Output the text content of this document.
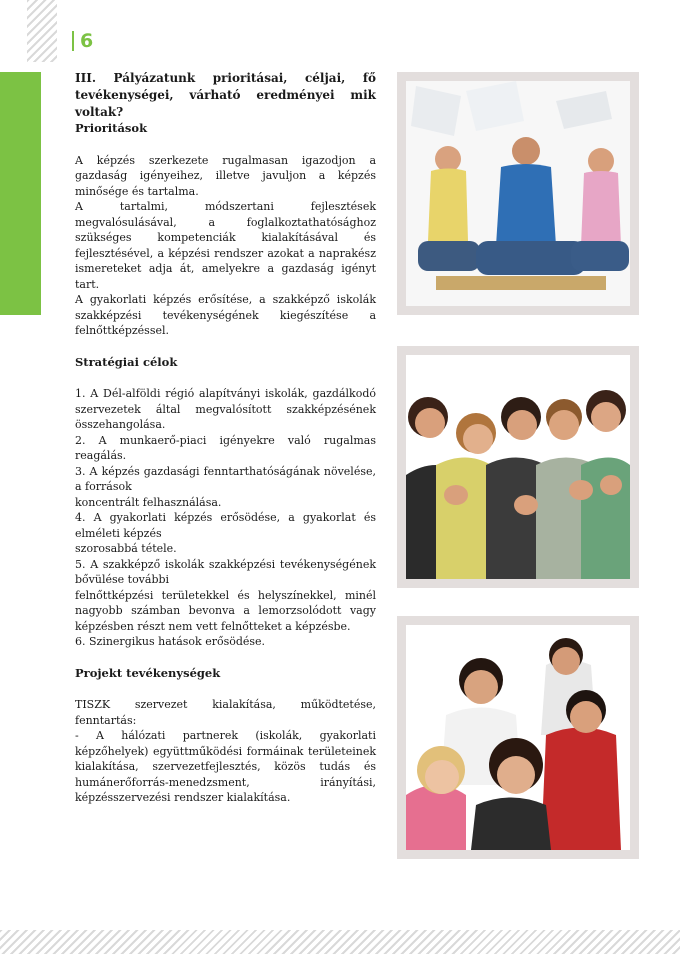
6

III. Pályázatunk prioritásai, céljai, fő tevékenységei, várható eredményei mik voltak?

Prioritások

A képzés szerkezete rugalmasan igazodjon a gazdaság igényeihez, illetve javuljon a képzés minősége és tartalma.

A tartalmi, módszertani fejlesztések megvalósulásával, a foglalkoztathatósághoz szükséges kompetenciák kialakításával és fejlesztésével, a képzési rendszer azokat a naprakész ismereteket adja át, amelyekre a gazdaság igényt tart.

A gyakorlati képzés erősítése, a szakképző iskolák szakképzési tevékenységének kiegészítése a felnőttképzéssel.

Stratégiai célok

1. A Dél-alföldi régió alapítványi iskolák, gazdálkodó szervezetek által megvalósított szakképzésének összehangolása.

2. A munkaerő-piaci igényekre való rugalmas reagálás.

3. A képzés gazdasági fenntarthatóságának növelése, a források

koncentrált felhasználása.

4. A gyakorlati képzés erősödése, a gyakorlat és elméleti képzés

szorosabbá tétele.

5. A szakképző iskolák szakképzési tevékenységének bővülése további

felnőttképzési területekkel és helyszínekkel, minél nagyobb számban bevonva a lemorzsolódott vagy képzésben részt nem vett felnőtteket a képzésbe.

6. Szinergikus hatások erősödése.

Projekt tevékenységek

TISZK szervezet kialakítása, működtetése, fenntartás:

- A hálózati partnerek (iskolák, gyakorlati képzőhelyek) együttműködési formáinak területeinek kialakítása, szervezetfejlesztés, közös tudás és humánerőforrás-menedzsment, irányítási, képzésszervezési rendszer kialakítása.
